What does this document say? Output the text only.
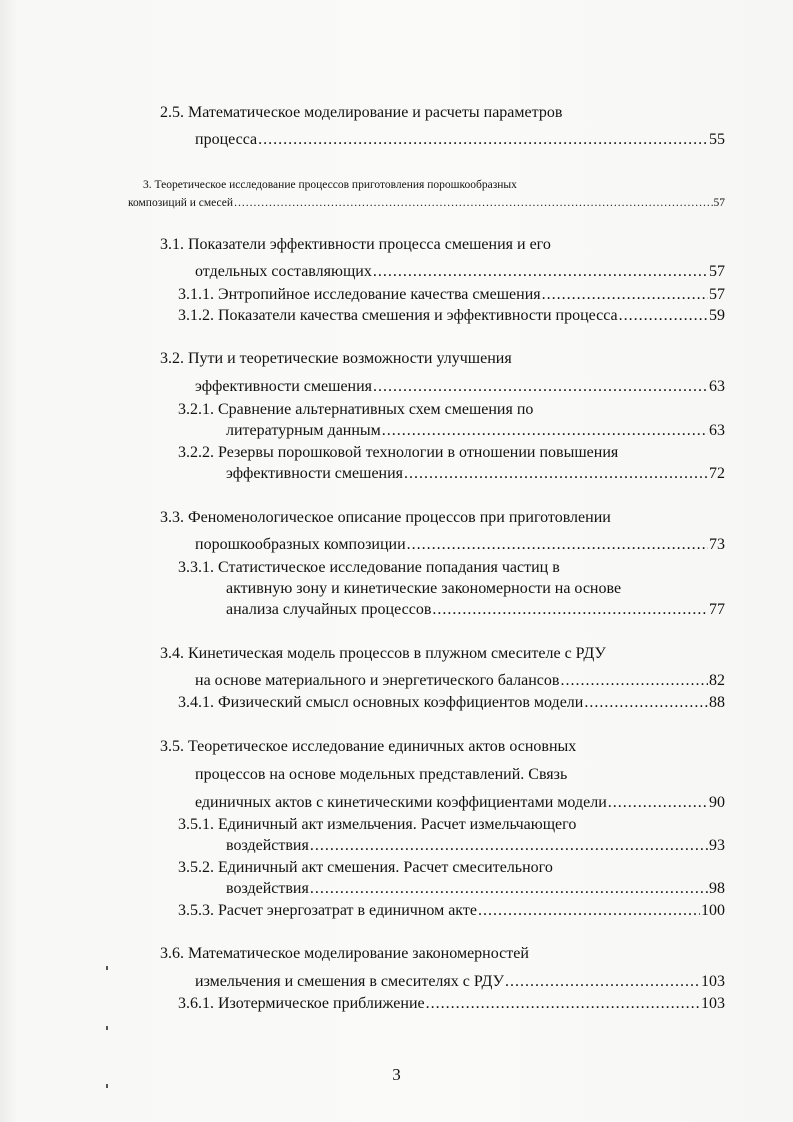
2.5. Математическое моделирование и расчеты параметров
процесса .....	55
3. Теоретическое исследование процессов приготовления порошкообразных
композиций и смесей .....	57
3.1. Показатели эффективности процесса смешения и его
отдельных составляющих .....	57
3.1.1. Энтропийное исследование качества смешения .....	57
3.1.2. Показатели качества смешения и эффективности процесса .....	59
3.2. Пути и теоретические возможности улучшения
эффективности смешения .....	63
3.2.1. Сравнение альтернативных схем смешения по
литературным данным .....	63
3.2.2. Резервы порошковой технологии в отношении повышения
эффективности смешения .....	72
3.3. Феноменологическое описание процессов при приготовлении
порошкообразных композиции .....	73
3.3.1. Статистическое исследование попадания частиц в
активную зону и кинетические закономерности на основе
анализа случайных процессов .....	77
3.4. Кинетическая модель процессов в плужном смесителе с РДУ
на основе материального и энергетического балансов .....	82
3.4.1. Физический смысл основных коэффициентов модели .....	88
3.5. Теоретическое исследование единичных актов основных
процессов на основе модельных представлений. Связь
единичных актов с кинетическими коэффициентами модели .....	90
3.5.1. Единичный акт измельчения. Расчет измельчающего
воздействия .....	93
3.5.2. Единичный акт смешения. Расчет смесительного
воздействия .....	98
3.5.3. Расчет энергозатрат в единичном акте .....	100
3.6. Математическое моделирование закономерностей
измельчения и смешения в смесителях с РДУ .....	103
3.6.1. Изотермическое приближение .....	103
3
